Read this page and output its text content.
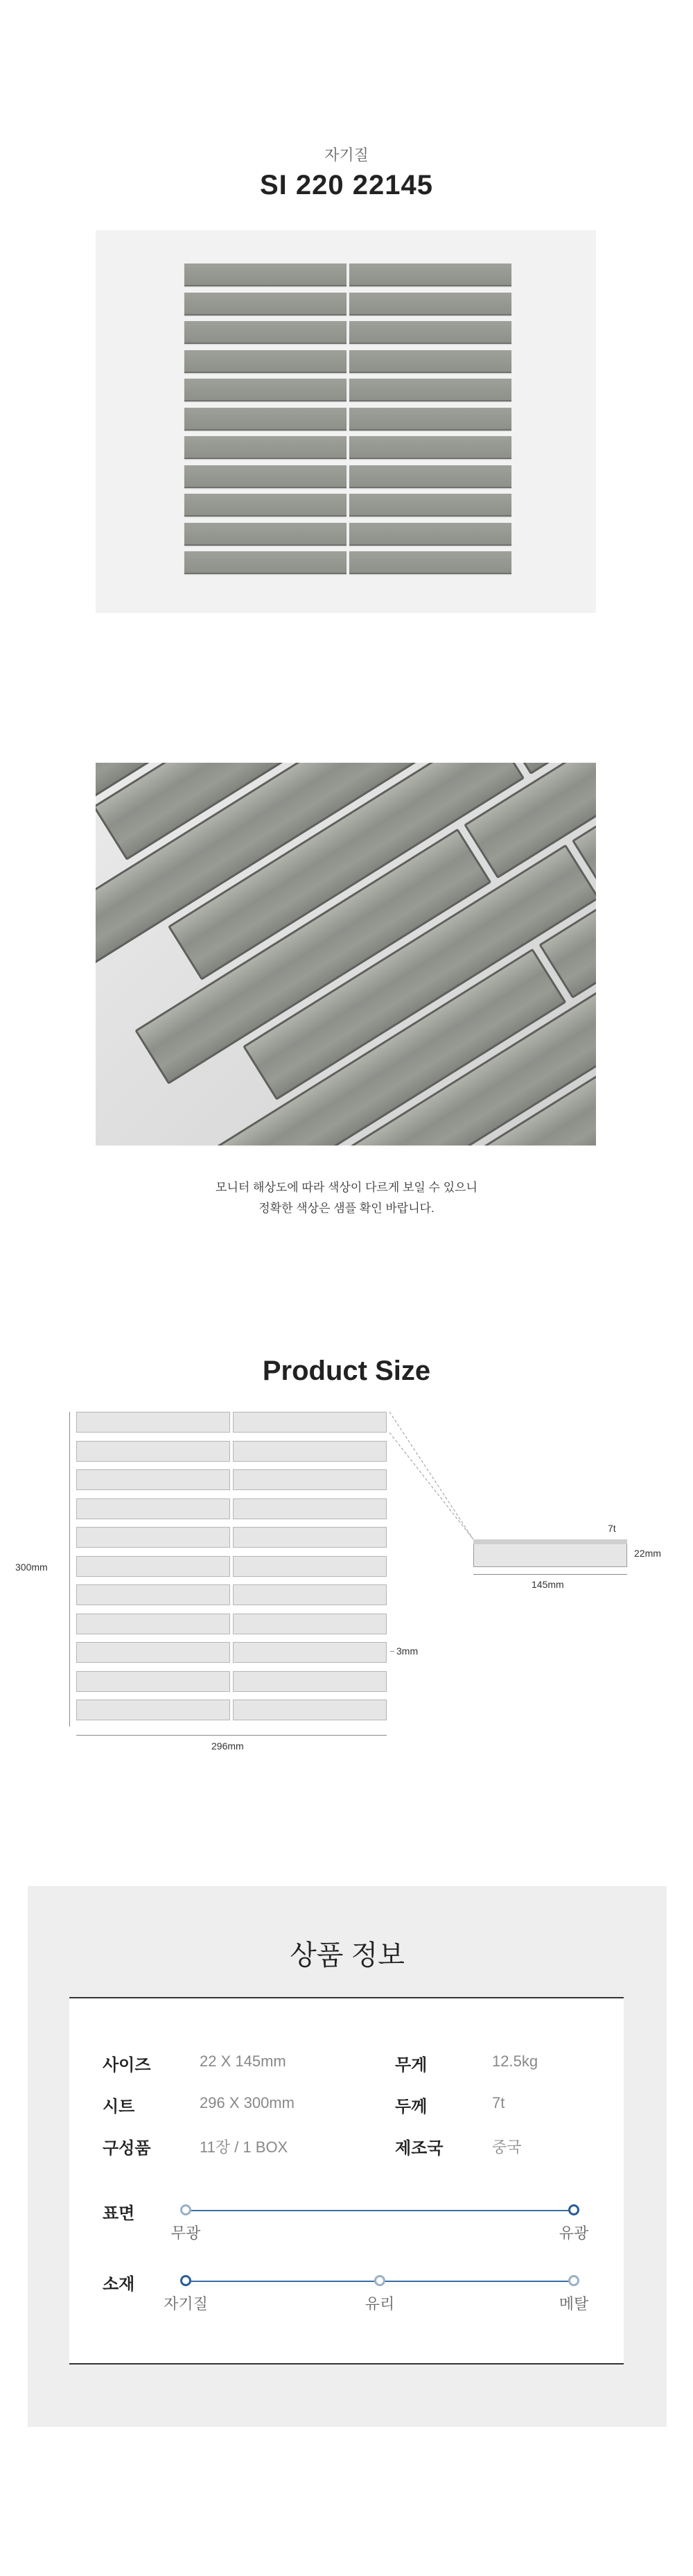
자기질
SI 220 22145
모니터 해상도에 따라 색상이 다르게 보일 수 있으니
정확한 색상은 샘플 확인 바랍니다.
Product Size
300mm
296mm
3mm
7t
22mm
145mm
상품 정보
사이즈	22 X 145mm	무게	12.5kg
시트	296 X 300mm	두께	7t
구성품	11장 / 1 BOX	제조국	중국
표면
무광	유광
소재
자기질	유리	메탈
